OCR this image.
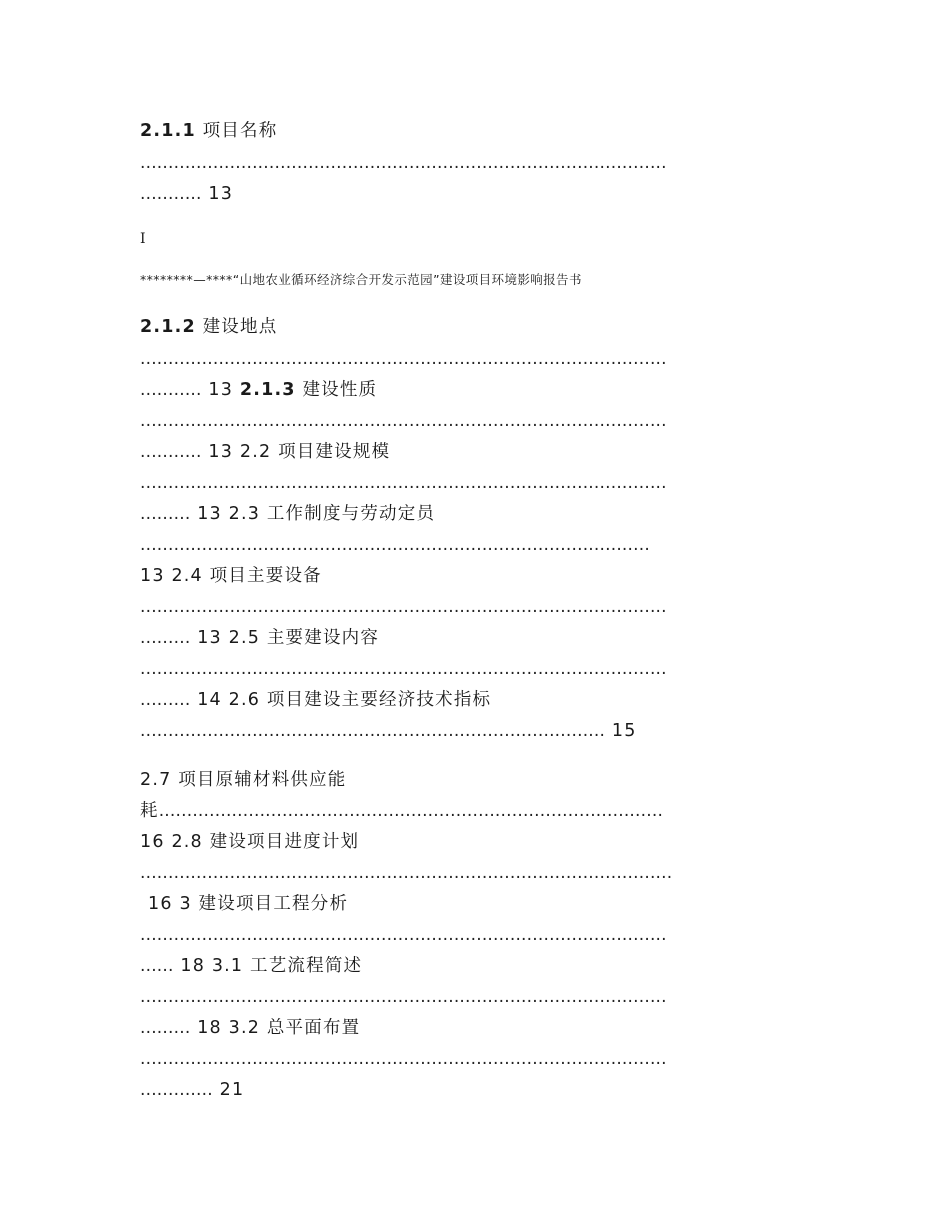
2.1.1 项目名称
..............................................................................................
........... 13
I
********—****“山地农业循环经济综合开发示范园”建设项目环境影响报告书
2.1.2 建设地点
..............................................................................................
........... 13 2.1.3 建设性质
..............................................................................................
........... 13 2.2 项目建设规模
..............................................................................................
......... 13 2.3 工作制度与劳动定员
...........................................................................................
13 2.4 项目主要设备
..............................................................................................
......... 13 2.5 主要建设内容
..............................................................................................
......... 14 2.6 项目建设主要经济技术指标
................................................................................... 15
2.7 项目原辅材料供应能
耗..........................................................................................
16 2.8 建设项目进度计划
...............................................................................................
16 3 建设项目工程分析
..............................................................................................
...... 18 3.1 工艺流程简述
..............................................................................................
......... 18 3.2 总平面布置
..............................................................................................
............. 21
